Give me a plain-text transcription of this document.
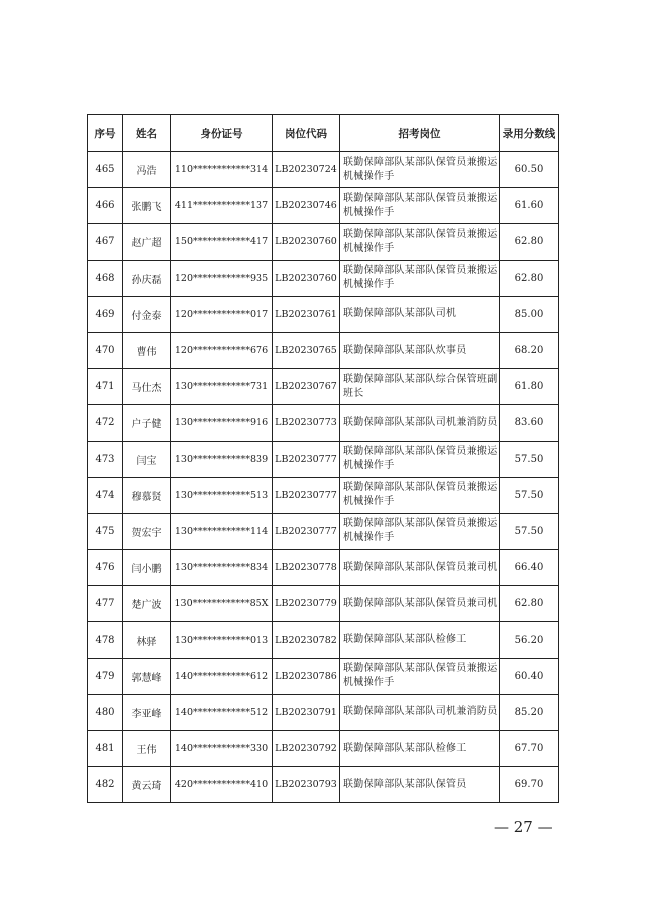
序号	姓名	身份证号	岗位代码	招考岗位	录用分数线
465	冯浩	110************314	LB20230724	联勤保障部队某部队保管员兼搬运机械操作手	60.50
466	张鹏飞	411************137	LB20230746	联勤保障部队某部队保管员兼搬运机械操作手	61.60
467	赵广超	150************417	LB20230760	联勤保障部队某部队保管员兼搬运机械操作手	62.80
468	孙庆磊	120************935	LB20230760	联勤保障部队某部队保管员兼搬运机械操作手	62.80
469	付金泰	120************017	LB20230761	联勤保障部队某部队司机	85.00
470	曹伟	120************676	LB20230765	联勤保障部队某部队炊事员	68.20
471	马仕杰	130************731	LB20230767	联勤保障部队某部队综合保管班副班长	61.80
472	户子健	130************916	LB20230773	联勤保障部队某部队司机兼消防员	83.60
473	闫宝	130************839	LB20230777	联勤保障部队某部队保管员兼搬运机械操作手	57.50
474	穆慕贤	130************513	LB20230777	联勤保障部队某部队保管员兼搬运机械操作手	57.50
475	贺宏宇	130************114	LB20230777	联勤保障部队某部队保管员兼搬运机械操作手	57.50
476	闫小鹏	130************834	LB20230778	联勤保障部队某部队保管员兼司机	66.40
477	楚广波	130************85X	LB20230779	联勤保障部队某部队保管员兼司机	62.80
478	林驿	130************013	LB20230782	联勤保障部队某部队检修工	56.20
479	郭慧峰	140************612	LB20230786	联勤保障部队某部队保管员兼搬运机械操作手	60.40
480	李亚峰	140************512	LB20230791	联勤保障部队某部队司机兼消防员	85.20
481	王伟	140************330	LB20230792	联勤保障部队某部队检修工	67.70
482	黄云琦	420************410	LB20230793	联勤保障部队某部队保管员	69.70
— 27 —
